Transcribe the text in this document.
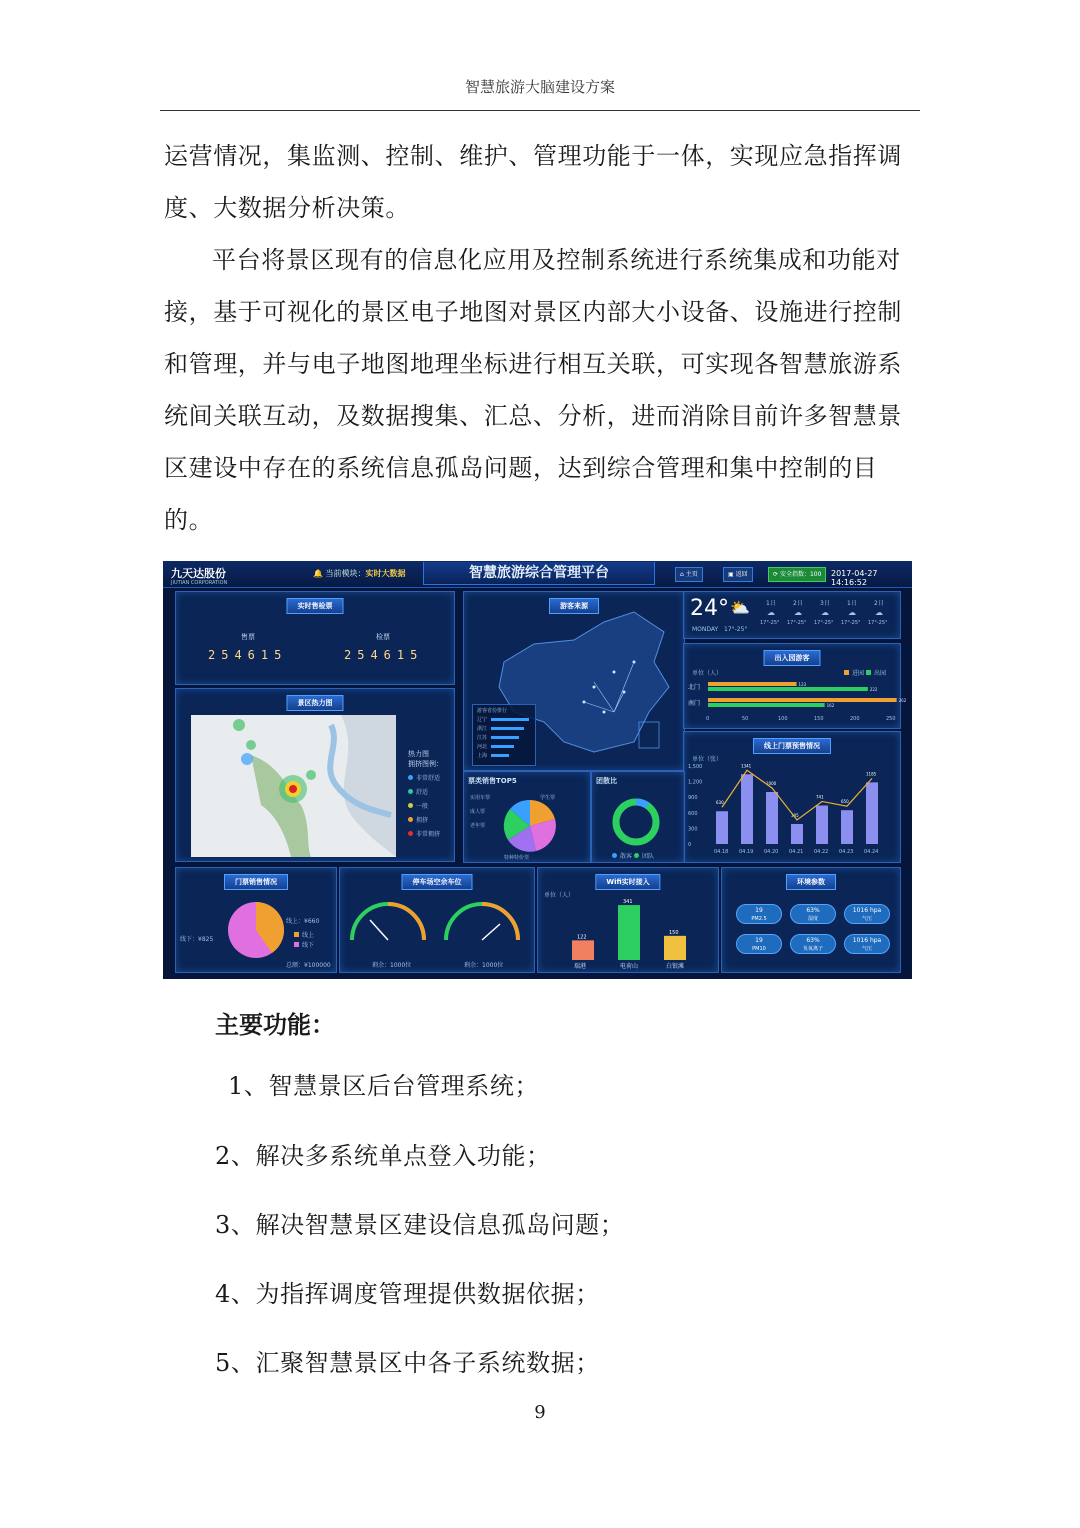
智慧旅游大脑建设方案

运营情况，集监测、控制、维护、管理功能于一体，实现应急指挥调度、大数据分析决策。

平台将景区现有的信息化应用及控制系统进行系统集成和功能对接，基于可视化的景区电子地图对景区内部大小设备、设施进行控制和管理，并与电子地图地理坐标进行相互关联，可实现各智慧旅游系统间关联互动，及数据搜集、汇总、分析，进而消除目前许多智慧景区建设中存在的系统信息孤岛问题，达到综合管理和集中控制的目的。

九天达股份
JIUTIAN CORPORATION
🔔 当前模块：实时大数据	智慧旅游综合管理平台	⌂ 主页	▣ 返回	⟳ 安全指数：100	2017-04-27 14:16:52
实时售检票
售票
254615
检票
254615
景区热力图
热力图
拥挤图例：
非常舒适
舒适
一般
拥挤
非常拥挤
游客来源
游客省份排行
辽宁
浙江
江苏
河北
上海
24° ⛅
MONDAY 17°-25°
1日
☁
17°-25°
2日
☁
17°-25°
3日
☁
17°-25°
1日
☁
17°-25°
2日
☁
17°-25°
出入园游客
单位（人）	进园 出园
北门	123
222
南门	262
162
0	50	100	150	200	250
线上门票预售情况
单位（张）
1,500
1,200
900
600
300
0
630
04.18
1341
04.19
1000
04.20
385
04.21
741
04.22
650
04.23
1185
04.24
票类销售TOP5
实用车票	学生票
成人票
老年票
特种特价票
团散比
散客 团队
门票销售情况
线上：¥660
线下：¥825
线上
线下
总额：¥100000
停车场空余车位
剩余：1000位	剩余：1000位
Wifi实时接入
单位（人）
122
瑞港
341
电荷山
150
白银滩
环境参数
19
PM2.5
63%
湿度
1016 hpa
气压
19
PM10
63%
负氧离子
1016 hpa
气压
主要功能：
1、智慧景区后台管理系统；
2、解决多系统单点登入功能；
3、解决智慧景区建设信息孤岛问题；
4、为指挥调度管理提供数据依据；
5、汇聚智慧景区中各子系统数据；
9
